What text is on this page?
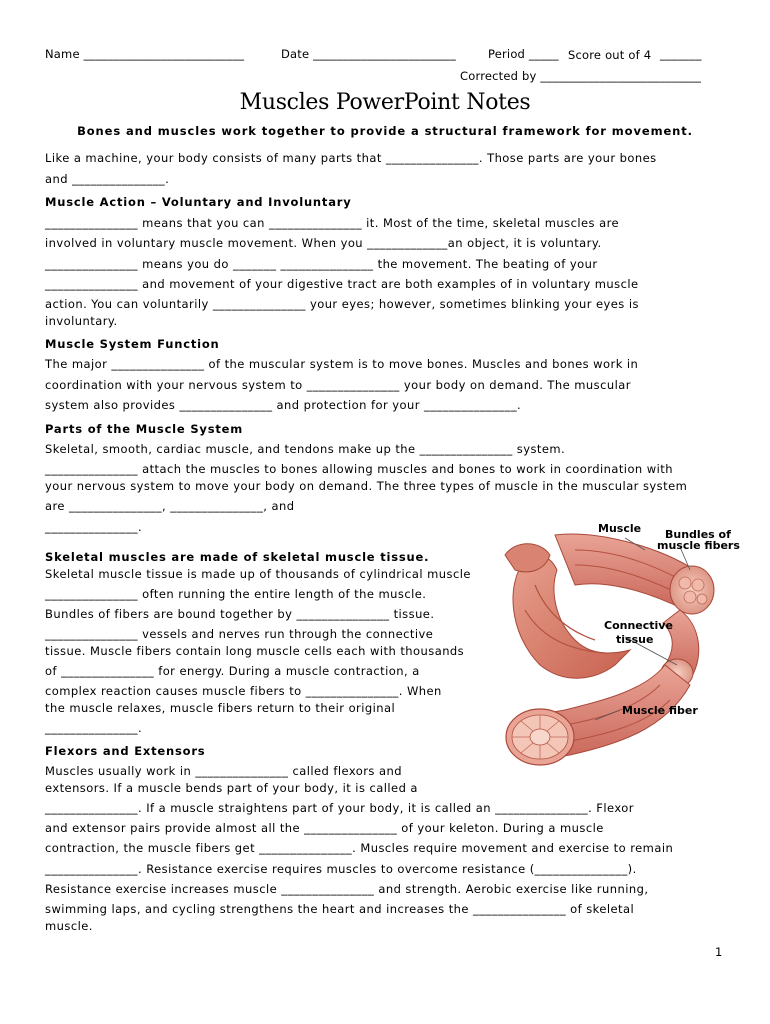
Name ___________________________	Date ________________________	Period _____ Score out of 4 _______
Corrected by ___________________________
Muscles PowerPoint Notes
Bones and muscles work together to provide a structural framework for movement.
Like a machine, your body consists of many parts that _______________. Those parts are your bones
and _______________.
Muscle Action – Voluntary and Involuntary
_______________ means that you can _______________ it. Most of the time, skeletal muscles are
involved in voluntary muscle movement. When you _____________an object, it is voluntary.
_______________ means you do _______ _______________ the movement. The beating of your
_______________ and movement of your digestive tract are both examples of in voluntary muscle
action. You can voluntarily _______________ your eyes; however, sometimes blinking your eyes is
involuntary.
Muscle System Function
The major _______________ of the muscular system is to move bones. Muscles and bones work in
coordination with your nervous system to _______________ your body on demand. The muscular
system also provides _______________ and protection for your _______________.
Parts of the Muscle System
Skeletal, smooth, cardiac muscle, and tendons make up the _______________ system.
_______________ attach the muscles to bones allowing muscles and bones to work in coordination with
your nervous system to move your body on demand. The three types of muscle in the muscular system
are _______________, _______________, and
_______________.
Skeletal muscles are made of skeletal muscle tissue.
Skeletal muscle tissue is made up of thousands of cylindrical muscle
_______________ often running the entire length of the muscle.
Bundles of fibers are bound together by _______________ tissue.
_______________ vessels and nerves run through the connective
tissue. Muscle fibers contain long muscle cells each with thousands
of _______________ for energy. During a muscle contraction, a
complex reaction causes muscle fibers to _______________. When
the muscle relaxes, muscle fibers return to their original
_______________.
Flexors and Extensors
Muscles usually work in _______________ called flexors and
extensors. If a muscle bends part of your body, it is called a
_______________. If a muscle straightens part of your body, it is called an _______________. Flexor
and extensor pairs provide almost all the _______________ of your keleton. During a muscle
contraction, the muscle fibers get _______________. Muscles require movement and exercise to remain
_______________. Resistance exercise requires muscles to overcome resistance (_______________).
Resistance exercise increases muscle _______________ and strength. Aerobic exercise like running,
swimming laps, and cycling strengthens the heart and increases the _______________ of skeletal
muscle.
Muscle Bundles of
muscle fibers
Connective
tissue
Muscle fiber
1
